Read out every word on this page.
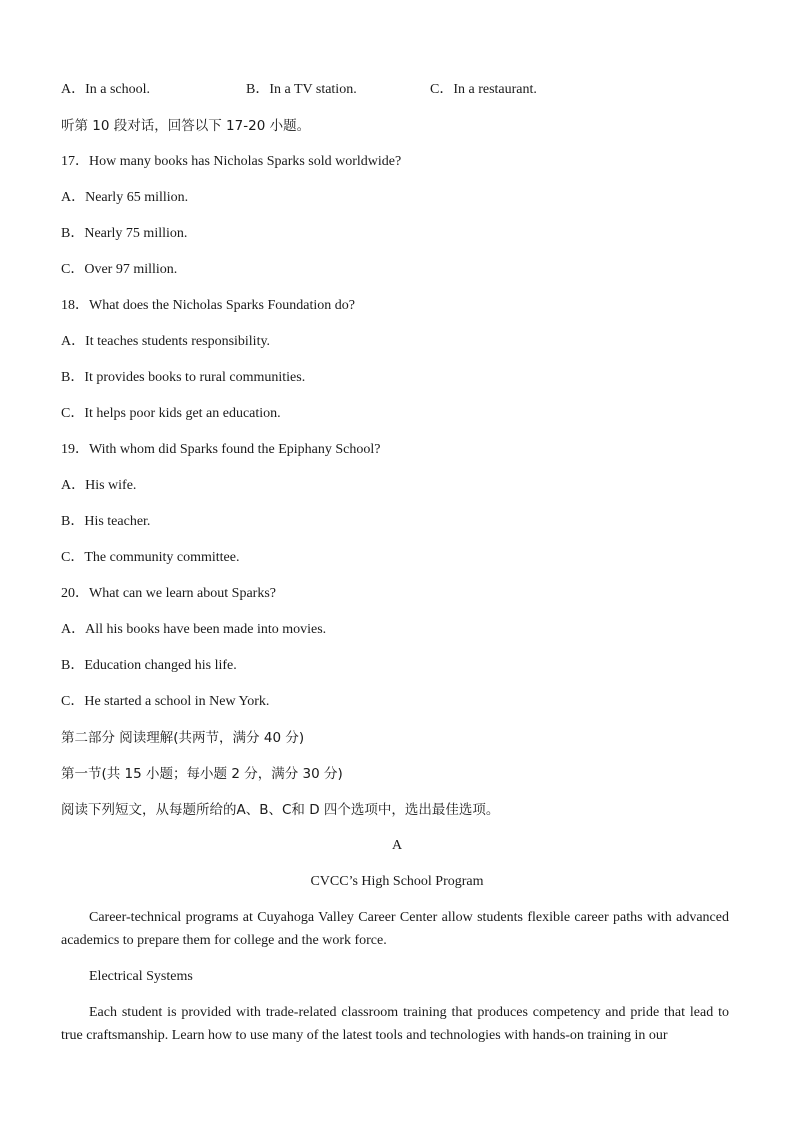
A．In a school.	B．In a TV station.	C．In a restaurant.
听第 10 段对话，回答以下 17-20 小题。
17．How many books has Nicholas Sparks sold worldwide?
A．Nearly 65 million.
B．Nearly 75 million.
C．Over 97 million.
18．What does the Nicholas Sparks Foundation do?
A．It teaches students responsibility.
B．It provides books to rural communities.
C．It helps poor kids get an education.
19．With whom did Sparks found the Epiphany School?
A．His wife.
B．His teacher.
C．The community committee.
20．What can we learn about Sparks?
A．All his books have been made into movies.
B．Education changed his life.
C．He started a school in New York.
第二部分 阅读理解(共两节，满分 40 分)
第一节(共 15 小题；每小题 2 分，满分 30 分)
阅读下列短文，从每题所给的A、B、C和 D 四个选项中，选出最佳选项。
A
CVCC’s High School Program
Career-technical programs at Cuyahoga Valley Career Center allow students flexible career paths with advanced academics to prepare them for college and the work force.
Electrical Systems
Each student is provided with trade-related classroom training that produces competency and pride that lead to true craftsmanship. Learn how to use many of the latest tools and technologies with hands-on training in our
